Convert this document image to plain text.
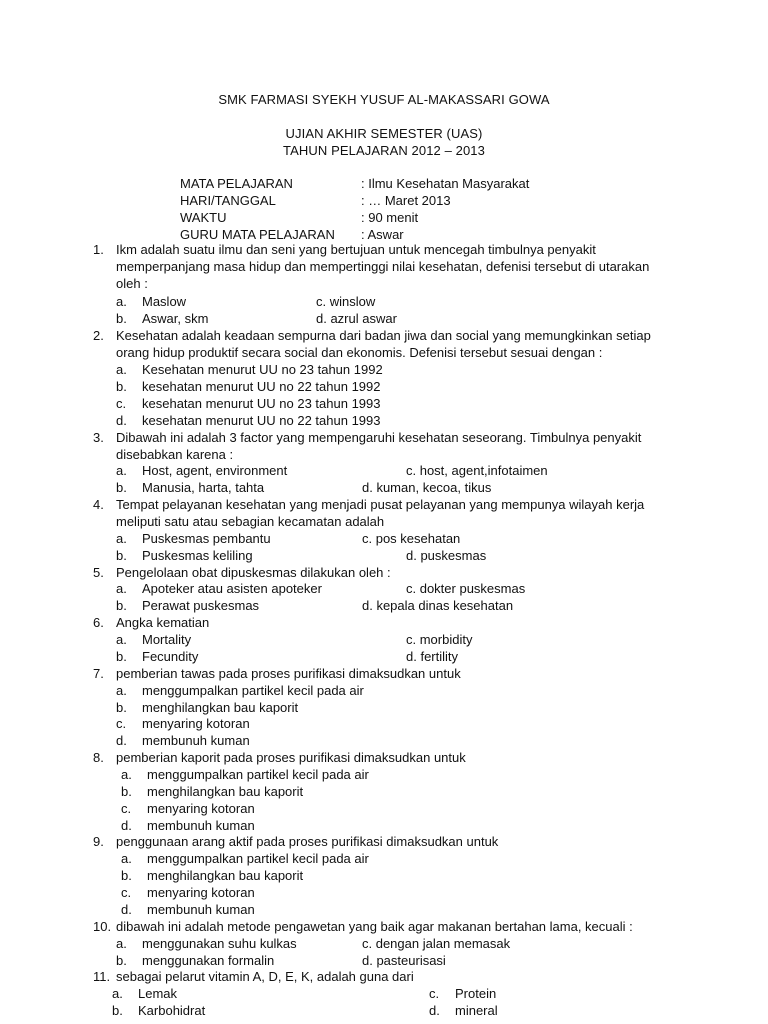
SMK FARMASI SYEKH YUSUF AL-MAKASSARI GOWA
UJIAN AKHIR SEMESTER (UAS)
TAHUN PELAJARAN 2012 – 2013
MATA PELAJARAN	: Ilmu Kesehatan Masyarakat
HARI/TANGGAL	: … Maret 2013
WAKTU	: 90 menit
GURU MATA PELAJARAN	: Aswar
1. Ikm adalah suatu ilmu dan seni yang bertujuan untuk mencegah timbulnya penyakit
memperpanjang masa hidup dan mempertinggi nilai kesehatan, defenisi tersebut di utarakan
oleh :
a.	Maslow	c. winslow
b.	Aswar, skm	d. azrul aswar
2. Kesehatan adalah keadaan sempurna dari badan jiwa dan social yang memungkinkan setiap
orang hidup produktif secara social dan ekonomis. Defenisi tersebut sesuai dengan :
a.	Kesehatan menurut UU no 23 tahun 1992
b.	kesehatan menurut UU no 22 tahun 1992
c.	kesehatan menurut UU no 23 tahun 1993
d.	kesehatan menurut UU no 22 tahun 1993
3. Dibawah ini adalah 3 factor yang mempengaruhi kesehatan seseorang. Timbulnya penyakit
disebabkan karena :
a.	Host, agent, environment	c. host, agent,infotaimen
b.	Manusia, harta, tahta	d. kuman, kecoa, tikus
4. Tempat pelayanan kesehatan yang menjadi pusat pelayanan yang mempunya wilayah kerja
meliputi satu atau sebagian kecamatan adalah
a.	Puskesmas pembantu	c. pos kesehatan
b.	Puskesmas keliling	d. puskesmas
5. Pengelolaan obat dipuskesmas dilakukan oleh :
a.	Apoteker atau asisten apoteker	c. dokter puskesmas
b.	Perawat puskesmas	d. kepala dinas kesehatan
6. Angka kematian
a.	Mortality	c. morbidity
b.	Fecundity	d. fertility
7. pemberian tawas pada proses purifikasi dimaksudkan untuk
a.	menggumpalkan partikel kecil pada air
b.	menghilangkan bau kaporit
c.	menyaring kotoran
d.	membunuh kuman
8. pemberian kaporit pada proses purifikasi dimaksudkan untuk
a.	menggumpalkan partikel kecil pada air
b.	menghilangkan bau kaporit
c.	menyaring kotoran
d.	membunuh kuman
9. penggunaan arang aktif pada proses purifikasi dimaksudkan untuk
a.	menggumpalkan partikel kecil pada air
b.	menghilangkan bau kaporit
c.	menyaring kotoran
d.	membunuh kuman
10. dibawah ini adalah metode pengawetan yang baik agar makanan bertahan lama, kecuali :
a.	menggunakan suhu kulkas	c. dengan jalan memasak
b.	menggunakan formalin	d. pasteurisasi
11. sebagai pelarut vitamin A, D, E, K, adalah guna dari
a.	Lemak	c.	Protein
b.	Karbohidrat	d.	mineral
